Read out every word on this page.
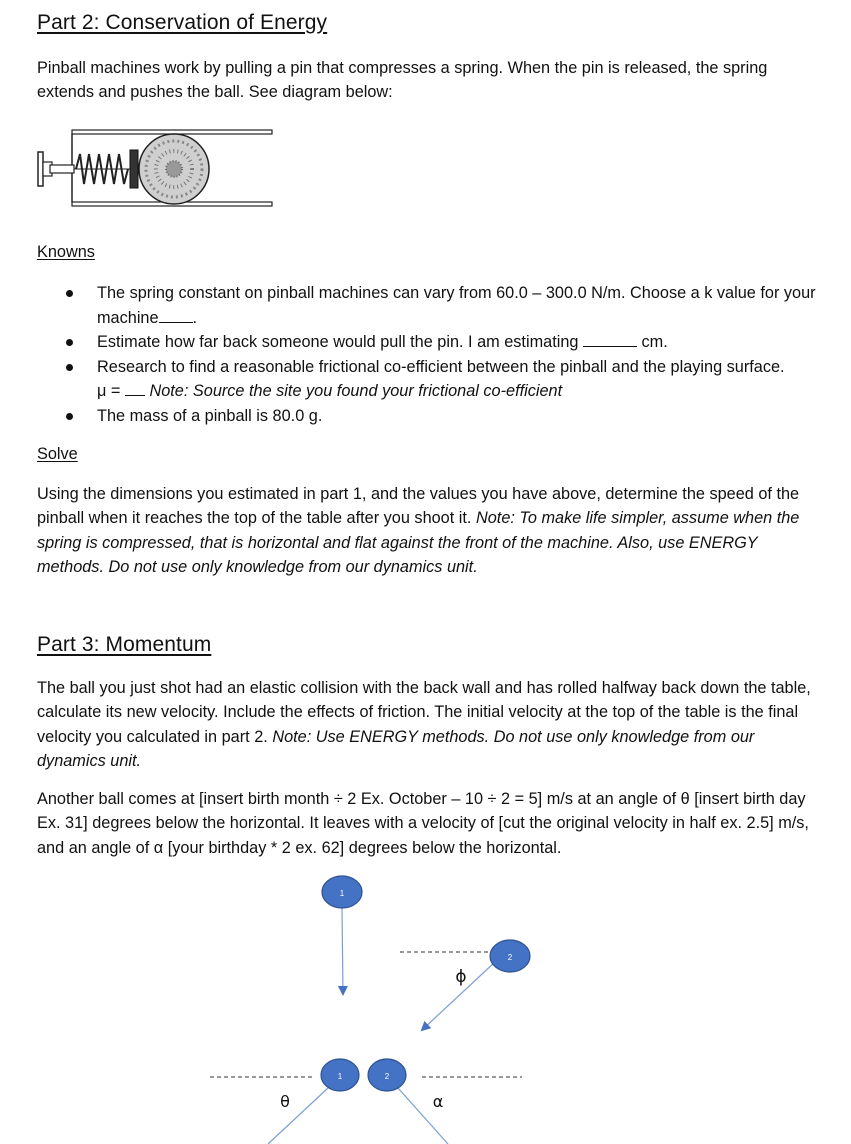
Part 2: Conservation of Energy

Pinball machines work by pulling a pin that compresses a spring. When the pin is released, the spring extends and pushes the ball. See diagram below:

Knowns
The spring constant on pinball machines can vary from 60.0 – 300.0 N/m. Choose a k value for your machine .
Estimate how far back someone would pull the pin. I am estimating	cm.
Research to find a reasonable frictional co-efficient between the pinball and the playing surface.
μ =  Note: Source the site you found your frictional co-efficient
The mass of a pinball is 80.0 g.
Solve

Using the dimensions you estimated in part 1, and the values you have above, determine the speed of the pinball when it reaches the top of the table after you shoot it. Note: To make life simpler, assume when the spring is compressed, that is horizontal and flat against the front of the machine. Also, use ENERGY methods. Do not use only knowledge from our dynamics unit.

Part 3: Momentum

The ball you just shot had an elastic collision with the back wall and has rolled halfway back down the table, calculate its new velocity. Include the effects of friction. The initial velocity at the top of the table is the final velocity you calculated in part 2. Note: Use ENERGY methods. Do not use only knowledge from our dynamics unit.

Another ball comes at [insert birth month ÷ 2 Ex. October – 10 ÷ 2 = 5] m/s at an angle of θ [insert birth day Ex. 31] degrees below the horizontal. It leaves with a velocity of [cut the original velocity in half ex. 2.5] m/s, and an angle of α [your birthday * 2 ex. 62] degrees below the horizontal.

1
2
1	2
ϕ
θ	α
